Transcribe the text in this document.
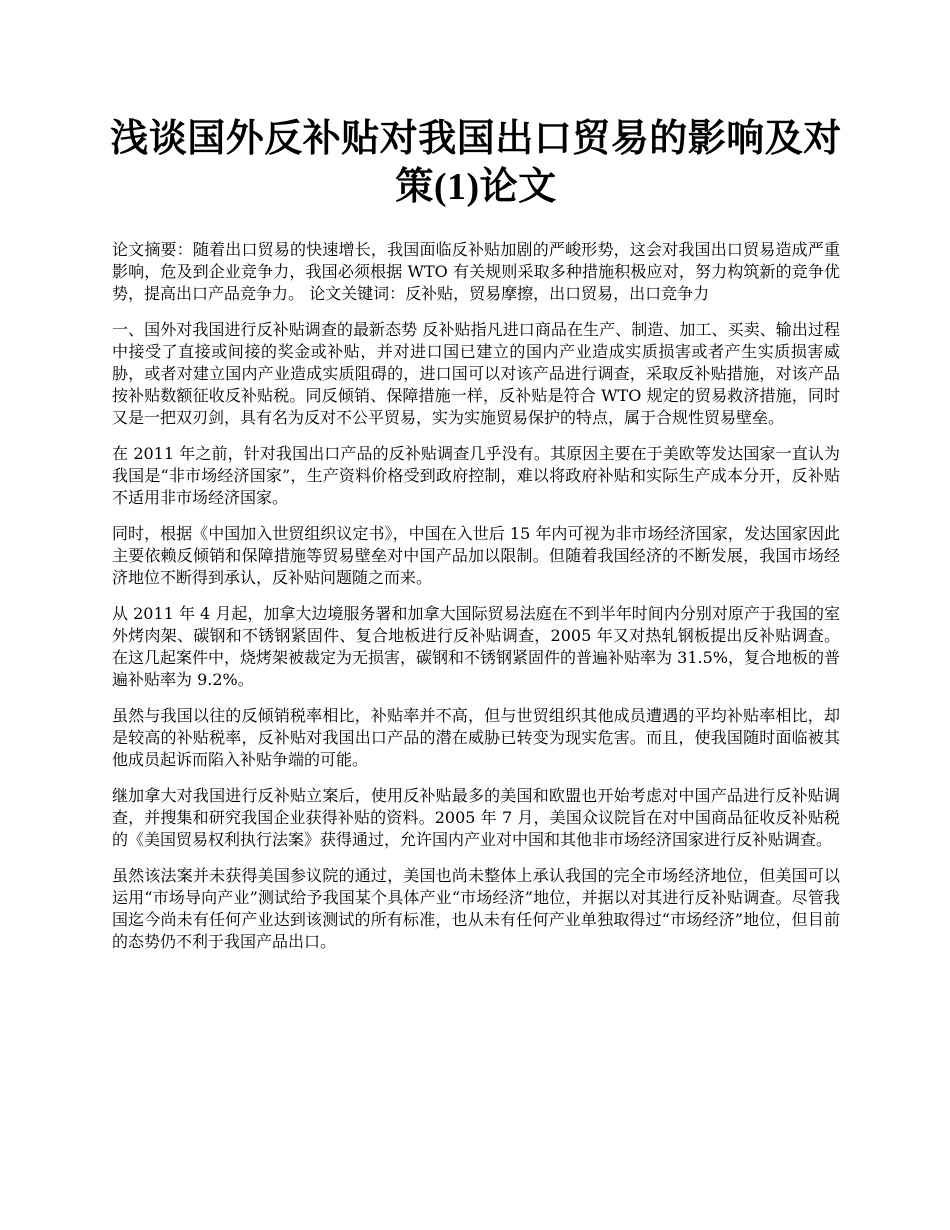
浅谈国外反补贴对我国出口贸易的影响及对策(1)论文

论文摘要：随着出口贸易的快速增长，我国面临反补贴加剧的严峻形势，这会对我国出口贸易造成严重影响，危及到企业竞争力，我国必须根据 WTO 有关规则采取多种措施积极应对，努力构筑新的竞争优势，提高出口产品竞争力。 论文关键词：反补贴，贸易摩擦，出口贸易，出口竞争力

一、国外对我国进行反补贴调查的最新态势 反补贴指凡进口商品在生产、制造、加工、买卖、输出过程中接受了直接或间接的奖金或补贴，并对进口国已建立的国内产业造成实质损害或者产生实质损害威胁，或者对建立国内产业造成实质阻碍的，进口国可以对该产品进行调查，采取反补贴措施，对该产品按补贴数额征收反补贴税。同反倾销、保障措施一样，反补贴是符合 WTO 规定的贸易救济措施，同时又是一把双刃剑，具有名为反对不公平贸易，实为实施贸易保护的特点，属于合规性贸易壁垒。

在 2011 年之前，针对我国出口产品的反补贴调查几乎没有。其原因主要在于美欧等发达国家一直认为我国是“非市场经济国家”，生产资料价格受到政府控制，难以将政府补贴和实际生产成本分开，反补贴不适用非市场经济国家。

同时，根据《中国加入世贸组织议定书》，中国在入世后 15 年内可视为非市场经济国家，发达国家因此主要依赖反倾销和保障措施等贸易壁垒对中国产品加以限制。但随着我国经济的不断发展，我国市场经济地位不断得到承认，反补贴问题随之而来。

从 2011 年 4 月起，加拿大边境服务署和加拿大国际贸易法庭在不到半年时间内分别对原产于我国的室外烤肉架、碳钢和不锈钢紧固件、复合地板进行反补贴调查，2005 年又对热轧钢板提出反补贴调查。在这几起案件中，烧烤架被裁定为无损害，碳钢和不锈钢紧固件的普遍补贴率为 31.5%，复合地板的普遍补贴率为 9.2%。

虽然与我国以往的反倾销税率相比，补贴率并不高，但与世贸组织其他成员遭遇的平均补贴率相比，却是较高的补贴税率，反补贴对我国出口产品的潜在威胁已转变为现实危害。而且，使我国随时面临被其他成员起诉而陷入补贴争端的可能。

继加拿大对我国进行反补贴立案后，使用反补贴最多的美国和欧盟也开始考虑对中国产品进行反补贴调查，并搜集和研究我国企业获得补贴的资料。2005 年 7 月，美国众议院旨在对中国商品征收反补贴税的《美国贸易权利执行法案》获得通过，允许国内产业对中国和其他非市场经济国家进行反补贴调查。

虽然该法案并未获得美国参议院的通过，美国也尚未整体上承认我国的完全市场经济地位，但美国可以运用“市场导向产业”测试给予我国某个具体产业“市场经济”地位，并据以对其进行反补贴调查。尽管我国迄今尚未有任何产业达到该测试的所有标准，也从未有任何产业单独取得过“市场经济”地位，但目前的态势仍不利于我国产品出口。
